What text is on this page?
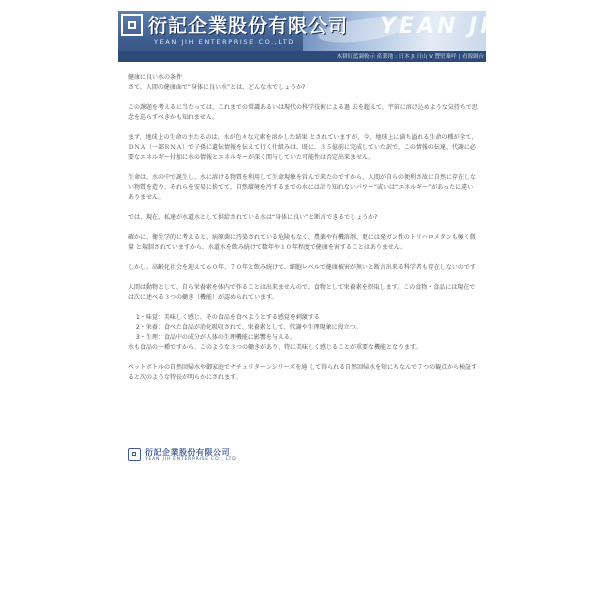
衍記企業股份有限公司
YEAN JIH ENTERPRISE CO.,LTD
YEAN JIH
木耕紅藍調較示 產業地 : 日本 JI 日山 V 豐堅棄呼 | 看源網台

健康に良い水の条件

さて、人間の健康面で“身体に良い水”とは、どんな水でしょうか?

この課題を考えるに当たっては、これまでの常識あるいは現代の科学技術による過 去を超えて、宇宙に溶け込めような気持ちで思念を巡らすべきかも知れません。

まず、地球上の生命の主たるのは、水が色々な元素を溶かした結果 とされていますが、今、地球上に満ち溢れる生命の種が全て、ＤＮＡ（一部ＲＮＡ）で子孫に遺伝情報を伝えて行く仕組みは、既に、３５億前に完成していた訳で、この情報の伝達、代謝に必要なエネルギー付加に水の情報とエネルギーが深く関与していた可能性は否定出来ません。

生命は、水の中で誕生し、水に溶ける物質を利用して生命現象を営んで来たのですから、人間が自らの便利さ故に自然に存在しない物質を造り、それらを安易に捨てて、自然環境を汚するまでの水には計り知れないパワー“或いは“エネルギー”があったに違いありません。

では、現在、私達が水道水として供給されている水は“身体に良い”と断言できるでしょうか?

確かに、衛生学的に考えると、病原菌に汚染されている危険もなく、農薬や有機溶剤、更には発ガン性のトリハロメタンも極く微量 と規制されていますから、水道水を飲み続けて数年や１０年程度で健康を害することはありません。

しかし、高齢化社会を迎えて６０年、７０年と飲み続けて、細胞レベルで健康被害が無いと断言出来る科学者も存在しないのです

人間は動物として、自ら栄養素を体内で作ることは出来ませんので、食物として栄養素を摂取します。この食物・食品には現在では次に述べる３つの働き（機能）が認められています。

1・味覚：美味しく感じ、その食品を食べようとする感覚を刺激する
2・栄養：食べた食品が消化吸収されて、栄養素として、代謝や生理現象に役立つ。
3・生理：食品中の成分が人体の生理機能に影響を与える。

水も食品の一種ですから、このような３つの働きがあり、特に美味しく感じることが重要な機能となります。

ペットボトルの自然回帰水や御家庭でナチュリターンシリーズを通 して得られる自然回帰水を短にちなんで７つの観点から検証すると次のような特長が明らかにされます。

衍記企業股份有限公司
YEAN JIH ENTERPRISE CO., LTD
